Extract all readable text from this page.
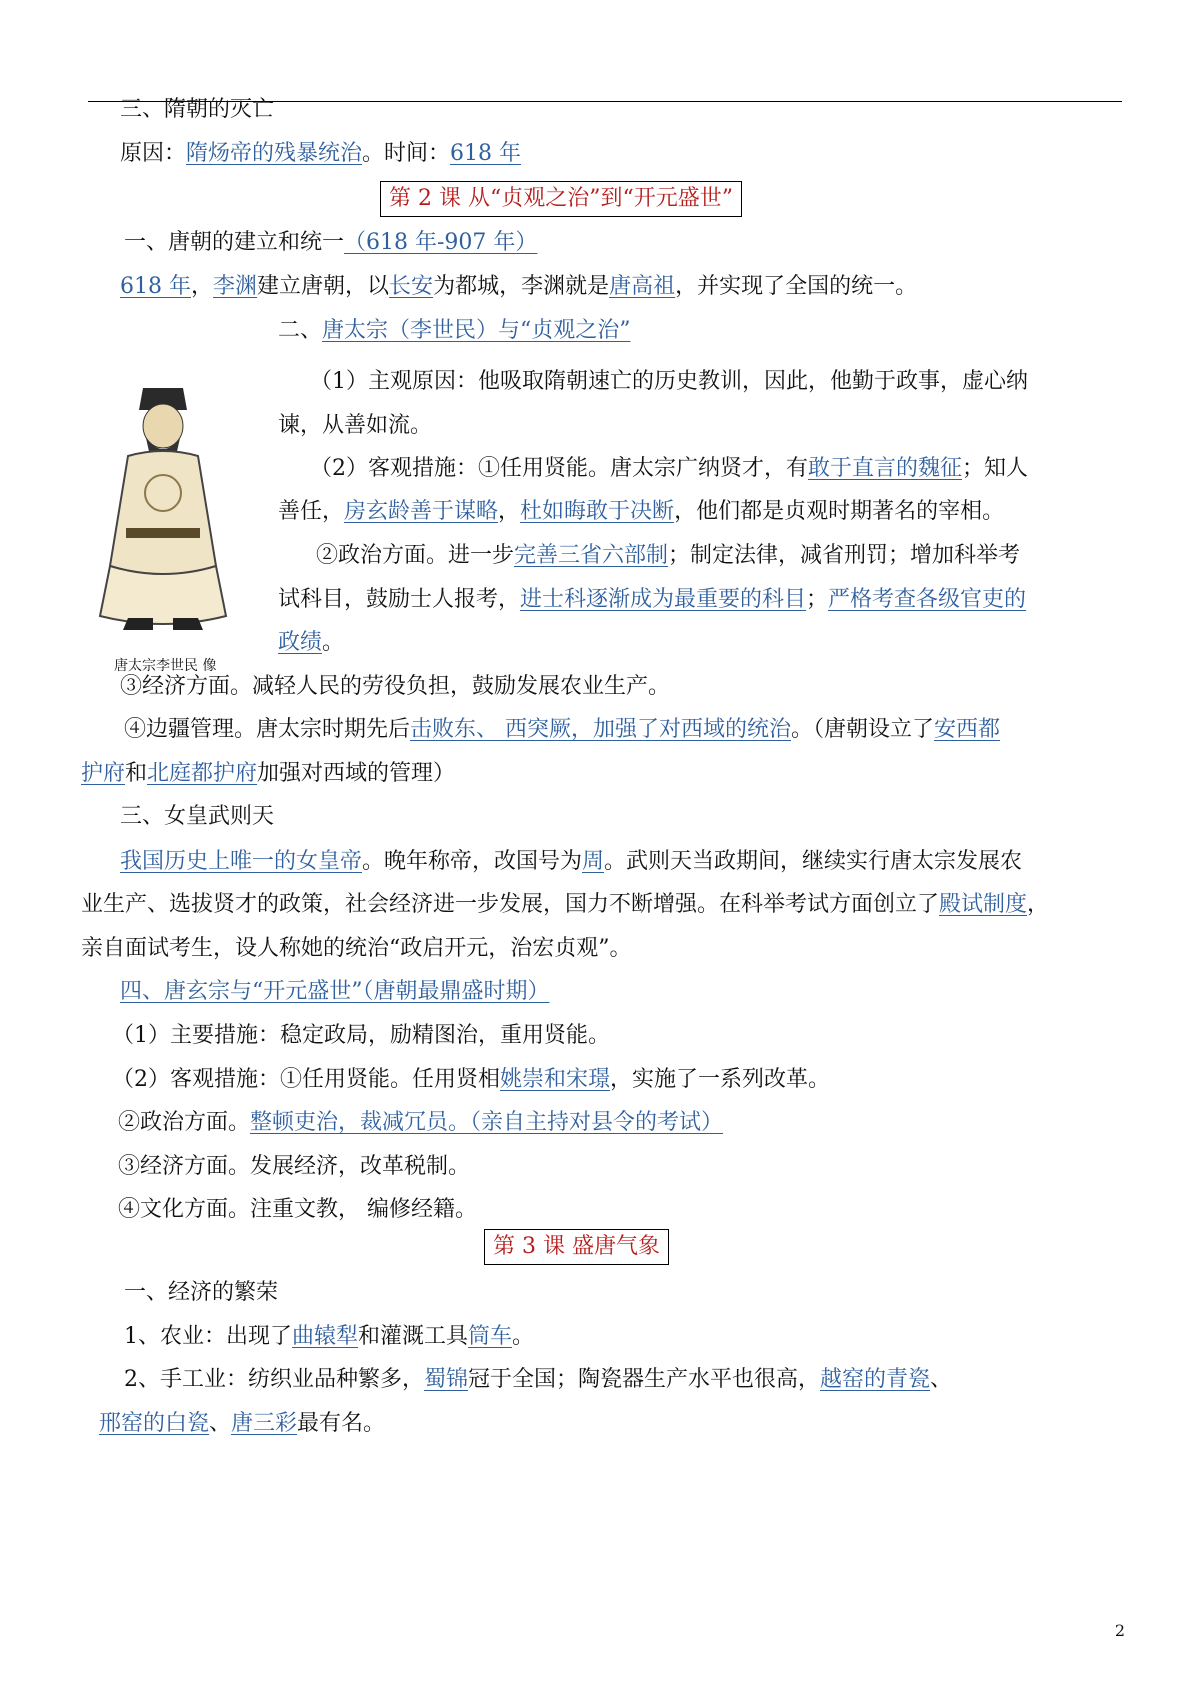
三、隋朝的灭亡
原因：隋炀帝的残暴统治。时间：618 年
第 2 课 从“贞观之治”到“开元盛世”
一、唐朝的建立和统一（618 年-907 年）
618 年，李渊建立唐朝，以长安为都城，李渊就是唐高祖，并实现了全国的统一。
二、唐太宗（李世民）与“贞观之治”
唐太宗李世民 像
（1）主观原因：他吸取隋朝速亡的历史教训，因此，他勤于政事，虚心纳
谏，从善如流。
（2）客观措施：①任用贤能。唐太宗广纳贤才，有敢于直言的魏征；知人
善任，房玄龄善于谋略，杜如晦敢于决断，他们都是贞观时期著名的宰相。
②政治方面。进一步完善三省六部制；制定法律，减省刑罚；增加科举考
试科目，鼓励士人报考，进士科逐渐成为最重要的科目；严格考查各级官吏的
政绩。
③经济方面。减轻人民的劳役负担，鼓励发展农业生产。
④边疆管理。唐太宗时期先后击败东、 西突厥，加强了对西域的统治。（唐朝设立了安西都
护府和北庭都护府加强对西域的管理）
三、女皇武则天
我国历史上唯一的女皇帝。晚年称帝，改国号为周。武则天当政期间，继续实行唐太宗发展农
业生产、选拔贤才的政策，社会经济进一步发展，国力不断增强。在科举考试方面创立了殿试制度，
亲自面试考生，设人称她的统治“政启开元，治宏贞观”。
四、唐玄宗与“开元盛世”（唐朝最鼎盛时期）
（1）主要措施：稳定政局，励精图治，重用贤能。
（2）客观措施：①任用贤能。任用贤相姚崇和宋璟，实施了一系列改革。
②政治方面。整顿吏治，裁减冗员。（亲自主持对县令的考试）
③经济方面。发展经济，改革税制。
④文化方面。注重文教， 编修经籍。
第 3 课 盛唐气象
一、经济的繁荣
1、农业：出现了曲辕犁和灌溉工具筒车。
2、手工业：纺织业品种繁多，蜀锦冠于全国；陶瓷器生产水平也很高，越窑的青瓷、
邢窑的白瓷、唐三彩最有名。
2
